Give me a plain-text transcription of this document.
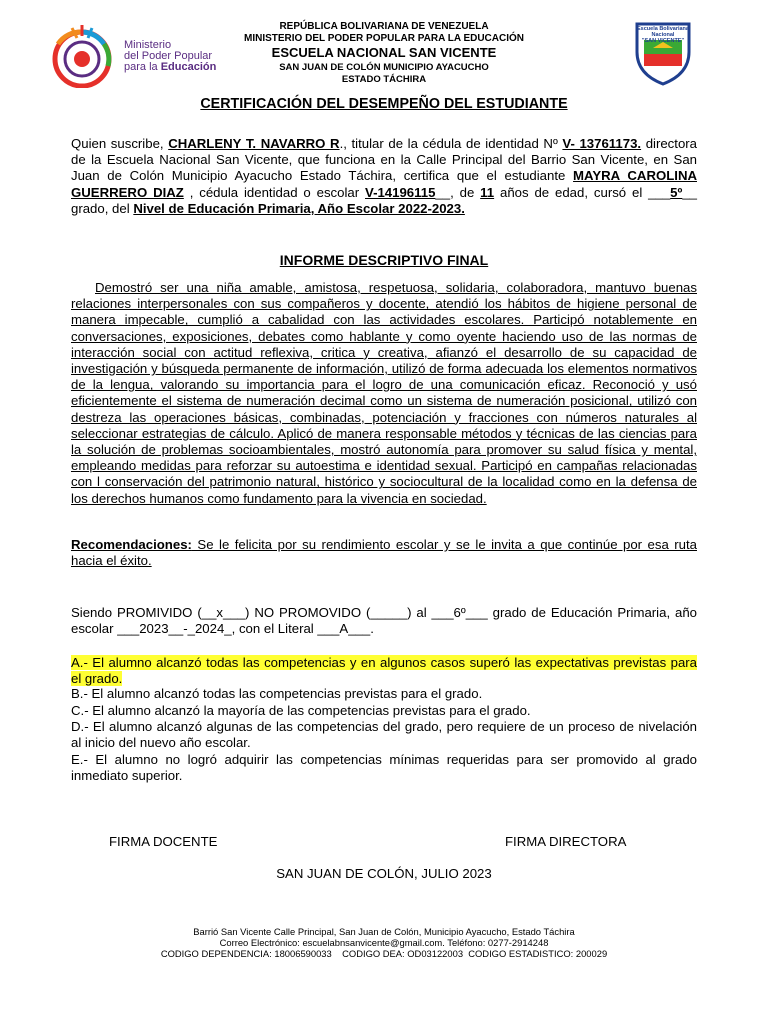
Ministerio
del Poder Popular
para la Educación
Escuela Bolivariana Nacional
"SAN VICENTE"
REPÚBLICA BOLIVARIANA DE VENEZUELA
MINISTERIO DEL PODER POPULAR PARA LA EDUCACIÓN
ESCUELA NACIONAL SAN VICENTE
SAN JUAN DE COLÓN MUNICIPIO AYACUCHO
ESTADO TÁCHIRA
CERTIFICACIÓN DEL DESEMPEÑO DEL ESTUDIANTE
Quien suscribe, CHARLENY T. NAVARRO R., titular de la cédula de identidad Nº V- 13761173. directora de la Escuela Nacional San Vicente, que funciona en la Calle Principal del Barrio San Vicente, en San Juan de Colón Municipio Ayacucho Estado Táchira, certifica que el estudiante MAYRA CAROLINA GUERRERO DIAZ , cédula identidad o escolar V-14196115__, de 11 años de edad, cursó el ___5º__ grado, del Nivel de Educación Primaria, Año Escolar 2022-2023.
INFORME DESCRIPTIVO FINAL
Demostró ser una niña amable, amistosa, respetuosa, solidaria, colaboradora, mantuvo buenas relaciones interpersonales con sus compañeros y docente, atendió los hábitos de higiene personal de manera impecable, cumplió a cabalidad con las actividades escolares. Participó notablemente en conversaciones, exposiciones, debates como hablante y como oyente haciendo uso de las normas de interacción social con actitud reflexiva, critica y creativa, afianzó el desarrollo de su capacidad de investigación y búsqueda permanente de información, utilizó de forma adecuada los elementos normativos de la lengua, valorando su importancia para el logro de una comunicación eficaz. Reconoció y usó eficientemente el sistema de numeración decimal como un sistema de numeración posicional, utilizó con destreza las operaciones básicas, combinadas, potenciación y fracciones con números naturales al seleccionar estrategias de cálculo. Aplicó de manera responsable métodos y técnicas de las ciencias para la solución de problemas socioambientales, mostró autonomía para promover su salud física y mental, empleando medidas para reforzar su autoestima e identidad sexual. Participó en campañas relacionadas con l conservación del patrimonio natural, histórico y sociocultural de la localidad como en la defensa de los derechos humanos como fundamento para la vivencia en sociedad.
Recomendaciones: Se le felicita por su rendimiento escolar y se le invita a que continúe por esa ruta hacia el éxito.
Siendo PROMIVIDO (__x___) NO PROMOVIDO (_____) al ___6º___ grado de Educación Primaria, año escolar ___2023__-_2024_, con el Literal ___A___.
A.- El alumno alcanzó todas las competencias y en algunos casos superó las expectativas previstas para el grado.
B.- El alumno alcanzó todas las competencias previstas para el grado.
C.- El alumno alcanzó la mayoría de las competencias previstas para el grado.
D.- El alumno alcanzó algunas de las competencias del grado, pero requiere de un proceso de nivelación al inicio del nuevo año escolar.
E.- El alumno no logró adquirir las competencias mínimas requeridas para ser promovido al grado inmediato superior.
FIRMA DOCENTE	FIRMA DIRECTORA
SAN JUAN DE COLÓN, JULIO 2023
Barrió San Vicente Calle Principal, San Juan de Colón, Municipio Ayacucho, Estado Táchira
Correo Electrónico: escuelabnsanvicente@gmail.com. Teléfono: 0277-2914248
CODIGO DEPENDENCIA: 18006590033    CODIGO DEA: OD03122003  CODIGO ESTADISTICO: 200029
